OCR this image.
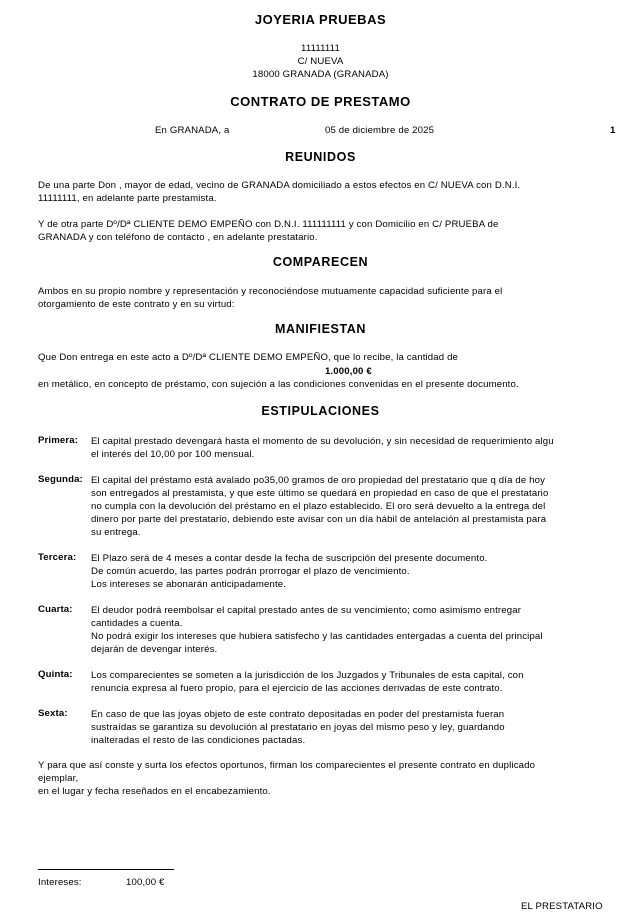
JOYERIA PRUEBAS
11111111
C/ NUEVA
18000 GRANADA (GRANADA)
CONTRATO DE PRESTAMO
En GRANADA, a	05 de diciembre de 2025	1
REUNIDOS
De una parte Don , mayor de edad, vecino de GRANADA domiciliado a estos efectos en C/ NUEVA con D.N.I.
11111111, en adelante parte prestamista.
Y de otra parte Dº/Dª CLIENTE DEMO EMPEÑO con D.N.I. 111111111 y con Domicilio en C/ PRUEBA de
GRANADA y con teléfono de contacto , en adelante prestatario.
COMPARECEN
Ambos en su propio nombre y representación y reconociéndose mutuamente capacidad suficiente para el
otorgamiento de este contrato y en su virtud:
MANIFIESTAN
Que Don entrega en este acto a Dº/Dª CLIENTE DEMO EMPEÑO, que lo recibe, la cantidad de
1.000,00 €
en metálico, en concepto de préstamo, con sujeción a las condiciones convenidas en el presente documento.
ESTIPULACIONES
Primera: El capital prestado devengará hasta el momento de su devolución, y sin necesidad de requerimiento algu
el interés del 10,00 por 100 mensual.
Segunda: El capital del préstamo está avalado po35,00 gramos de oro propiedad del prestatario que q día de hoy
son entregados al prestamista, y que este último se quedará en propiedad en caso de que el prestatario
no cumpla con la devolución del préstamo en el plazo establecido. El oro será devuelto a la entrega del
dinero por parte del prestatario, debiendo este avisar con un día hábil de antelación al prestamista para
su entrega.
Tercera: El Plazo será de 4 meses a contar desde la fecha de suscripción del presente documento.
De común acuerdo, las partes podrán prorrogar el plazo de vencimiento.
Los intereses se abonarán anticipadamente.
Cuarta: El deudor podrá reembolsar el capital prestado antes de su vencimiento; como asimismo entregar
cantidades a cuenta.
No podrá exigir los intereses que hubiera satisfecho y las cantidades entergadas a cuenta del principal
dejarán de devengar interés.
Quinta: Los comparecientes se someten a la jurisdicción de los Juzgados y Tribunales de esta capital, con
renuncia expresa al fuero propio, para el ejercicio de las acciones derivadas de este contrato.
Sexta: En caso de que las joyas objeto de este contrato depositadas en poder del prestamista fueran
sustraídas se garantiza su devolución al prestatario en joyas del mismo peso y ley, guardando
inalteradas el resto de las condiciones pactadas.
Y para que así conste y surta los efectos oportunos, firman los comparecientes el presente contrato en duplicado
ejemplar,
en el lugar y fecha reseñados en el encabezamiento.
Intereses:	100,00 €
EL PRESTATARIO
